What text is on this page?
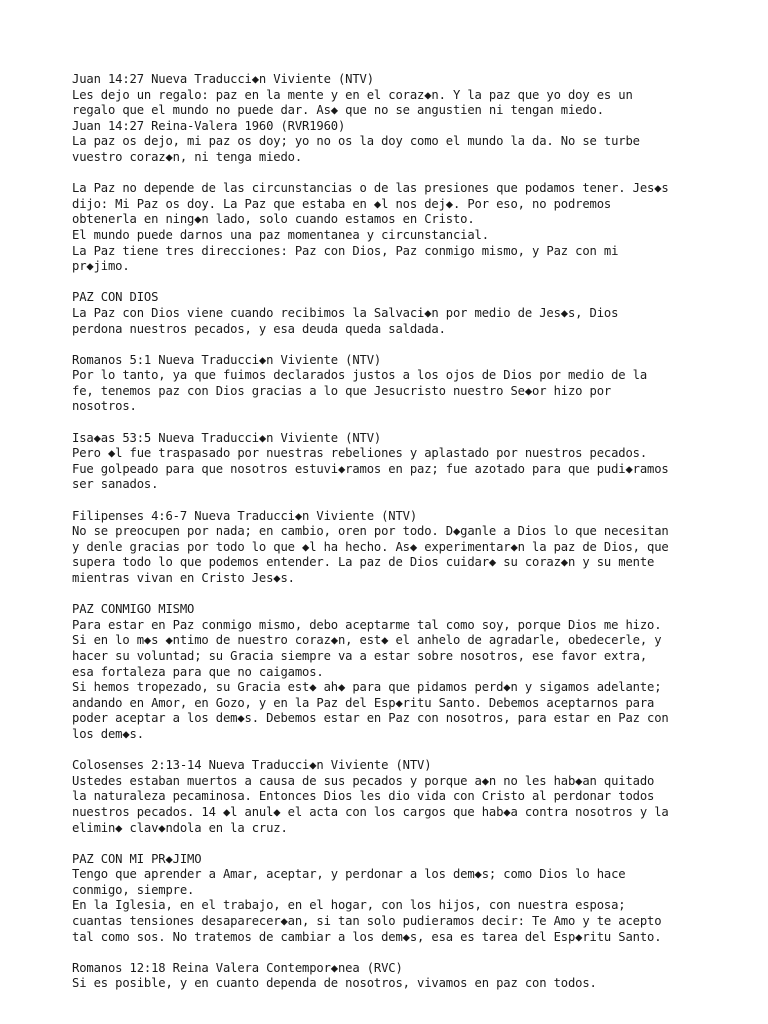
Juan 14:27 Nueva Traducci◆n Viviente (NTV)
Les dejo un regalo: paz en la mente y en el coraz◆n. Y la paz que yo doy es un
regalo que el mundo no puede dar. As◆ que no se angustien ni tengan miedo.
Juan 14:27 Reina-Valera 1960 (RVR1960)
La paz os dejo, mi paz os doy; yo no os la doy como el mundo la da. No se turbe
vuestro coraz◆n, ni tenga miedo.
La Paz no depende de las circunstancias o de las presiones que podamos tener. Jes◆s
dijo: Mi Paz os doy. La Paz que estaba en ◆l nos dej◆. Por eso, no podremos
obtenerla en ning◆n lado, solo cuando estamos en Cristo.
El mundo puede darnos una paz momentanea y circunstancial.
La Paz tiene tres direcciones: Paz con Dios, Paz conmigo mismo, y Paz con mi
pr◆jimo.
PAZ CON DIOS
La Paz con Dios viene cuando recibimos la Salvaci◆n por medio de Jes◆s, Dios
perdona nuestros pecados, y esa deuda queda saldada.
Romanos 5:1 Nueva Traducci◆n Viviente (NTV)
Por lo tanto, ya que fuimos declarados justos a los ojos de Dios por medio de la
fe, tenemos paz con Dios gracias a lo que Jesucristo nuestro Se◆or hizo por
nosotros.
Isa◆as 53:5 Nueva Traducci◆n Viviente (NTV)
Pero ◆l fue traspasado por nuestras rebeliones y aplastado por nuestros pecados.
Fue golpeado para que nosotros estuvi◆ramos en paz; fue azotado para que pudi◆ramos
ser sanados.
Filipenses 4:6-7 Nueva Traducci◆n Viviente (NTV)
No se preocupen por nada; en cambio, oren por todo. D◆ganle a Dios lo que necesitan
y denle gracias por todo lo que ◆l ha hecho. As◆ experimentar◆n la paz de Dios, que
supera todo lo que podemos entender. La paz de Dios cuidar◆ su coraz◆n y su mente
mientras vivan en Cristo Jes◆s.
PAZ CONMIGO MISMO
Para estar en Paz conmigo mismo, debo aceptarme tal como soy, porque Dios me hizo.
Si en lo m◆s ◆ntimo de nuestro coraz◆n, est◆ el anhelo de agradarle, obedecerle, y
hacer su voluntad; su Gracia siempre va a estar sobre nosotros, ese favor extra,
esa fortaleza para que no caigamos.
Si hemos tropezado, su Gracia est◆ ah◆ para que pidamos perd◆n y sigamos adelante;
andando en Amor, en Gozo, y en la Paz del Esp◆ritu Santo. Debemos aceptarnos para
poder aceptar a los dem◆s. Debemos estar en Paz con nosotros, para estar en Paz con
los dem◆s.
Colosenses 2:13-14 Nueva Traducci◆n Viviente (NTV)
Ustedes estaban muertos a causa de sus pecados y porque a◆n no les hab◆an quitado
la naturaleza pecaminosa. Entonces Dios les dio vida con Cristo al perdonar todos
nuestros pecados. 14 ◆l anul◆ el acta con los cargos que hab◆a contra nosotros y la
elimin◆ clav◆ndola en la cruz.
PAZ CON MI PR◆JIMO
Tengo que aprender a Amar, aceptar, y perdonar a los dem◆s; como Dios lo hace
conmigo, siempre.
En la Iglesia, en el trabajo, en el hogar, con los hijos, con nuestra esposa;
cuantas tensiones desaparecer◆an, si tan solo pudieramos decir: Te Amo y te acepto
tal como sos. No tratemos de cambiar a los dem◆s, esa es tarea del Esp◆ritu Santo.
Romanos 12:18 Reina Valera Contempor◆nea (RVC)
Si es posible, y en cuanto dependa de nosotros, vivamos en paz con todos.
